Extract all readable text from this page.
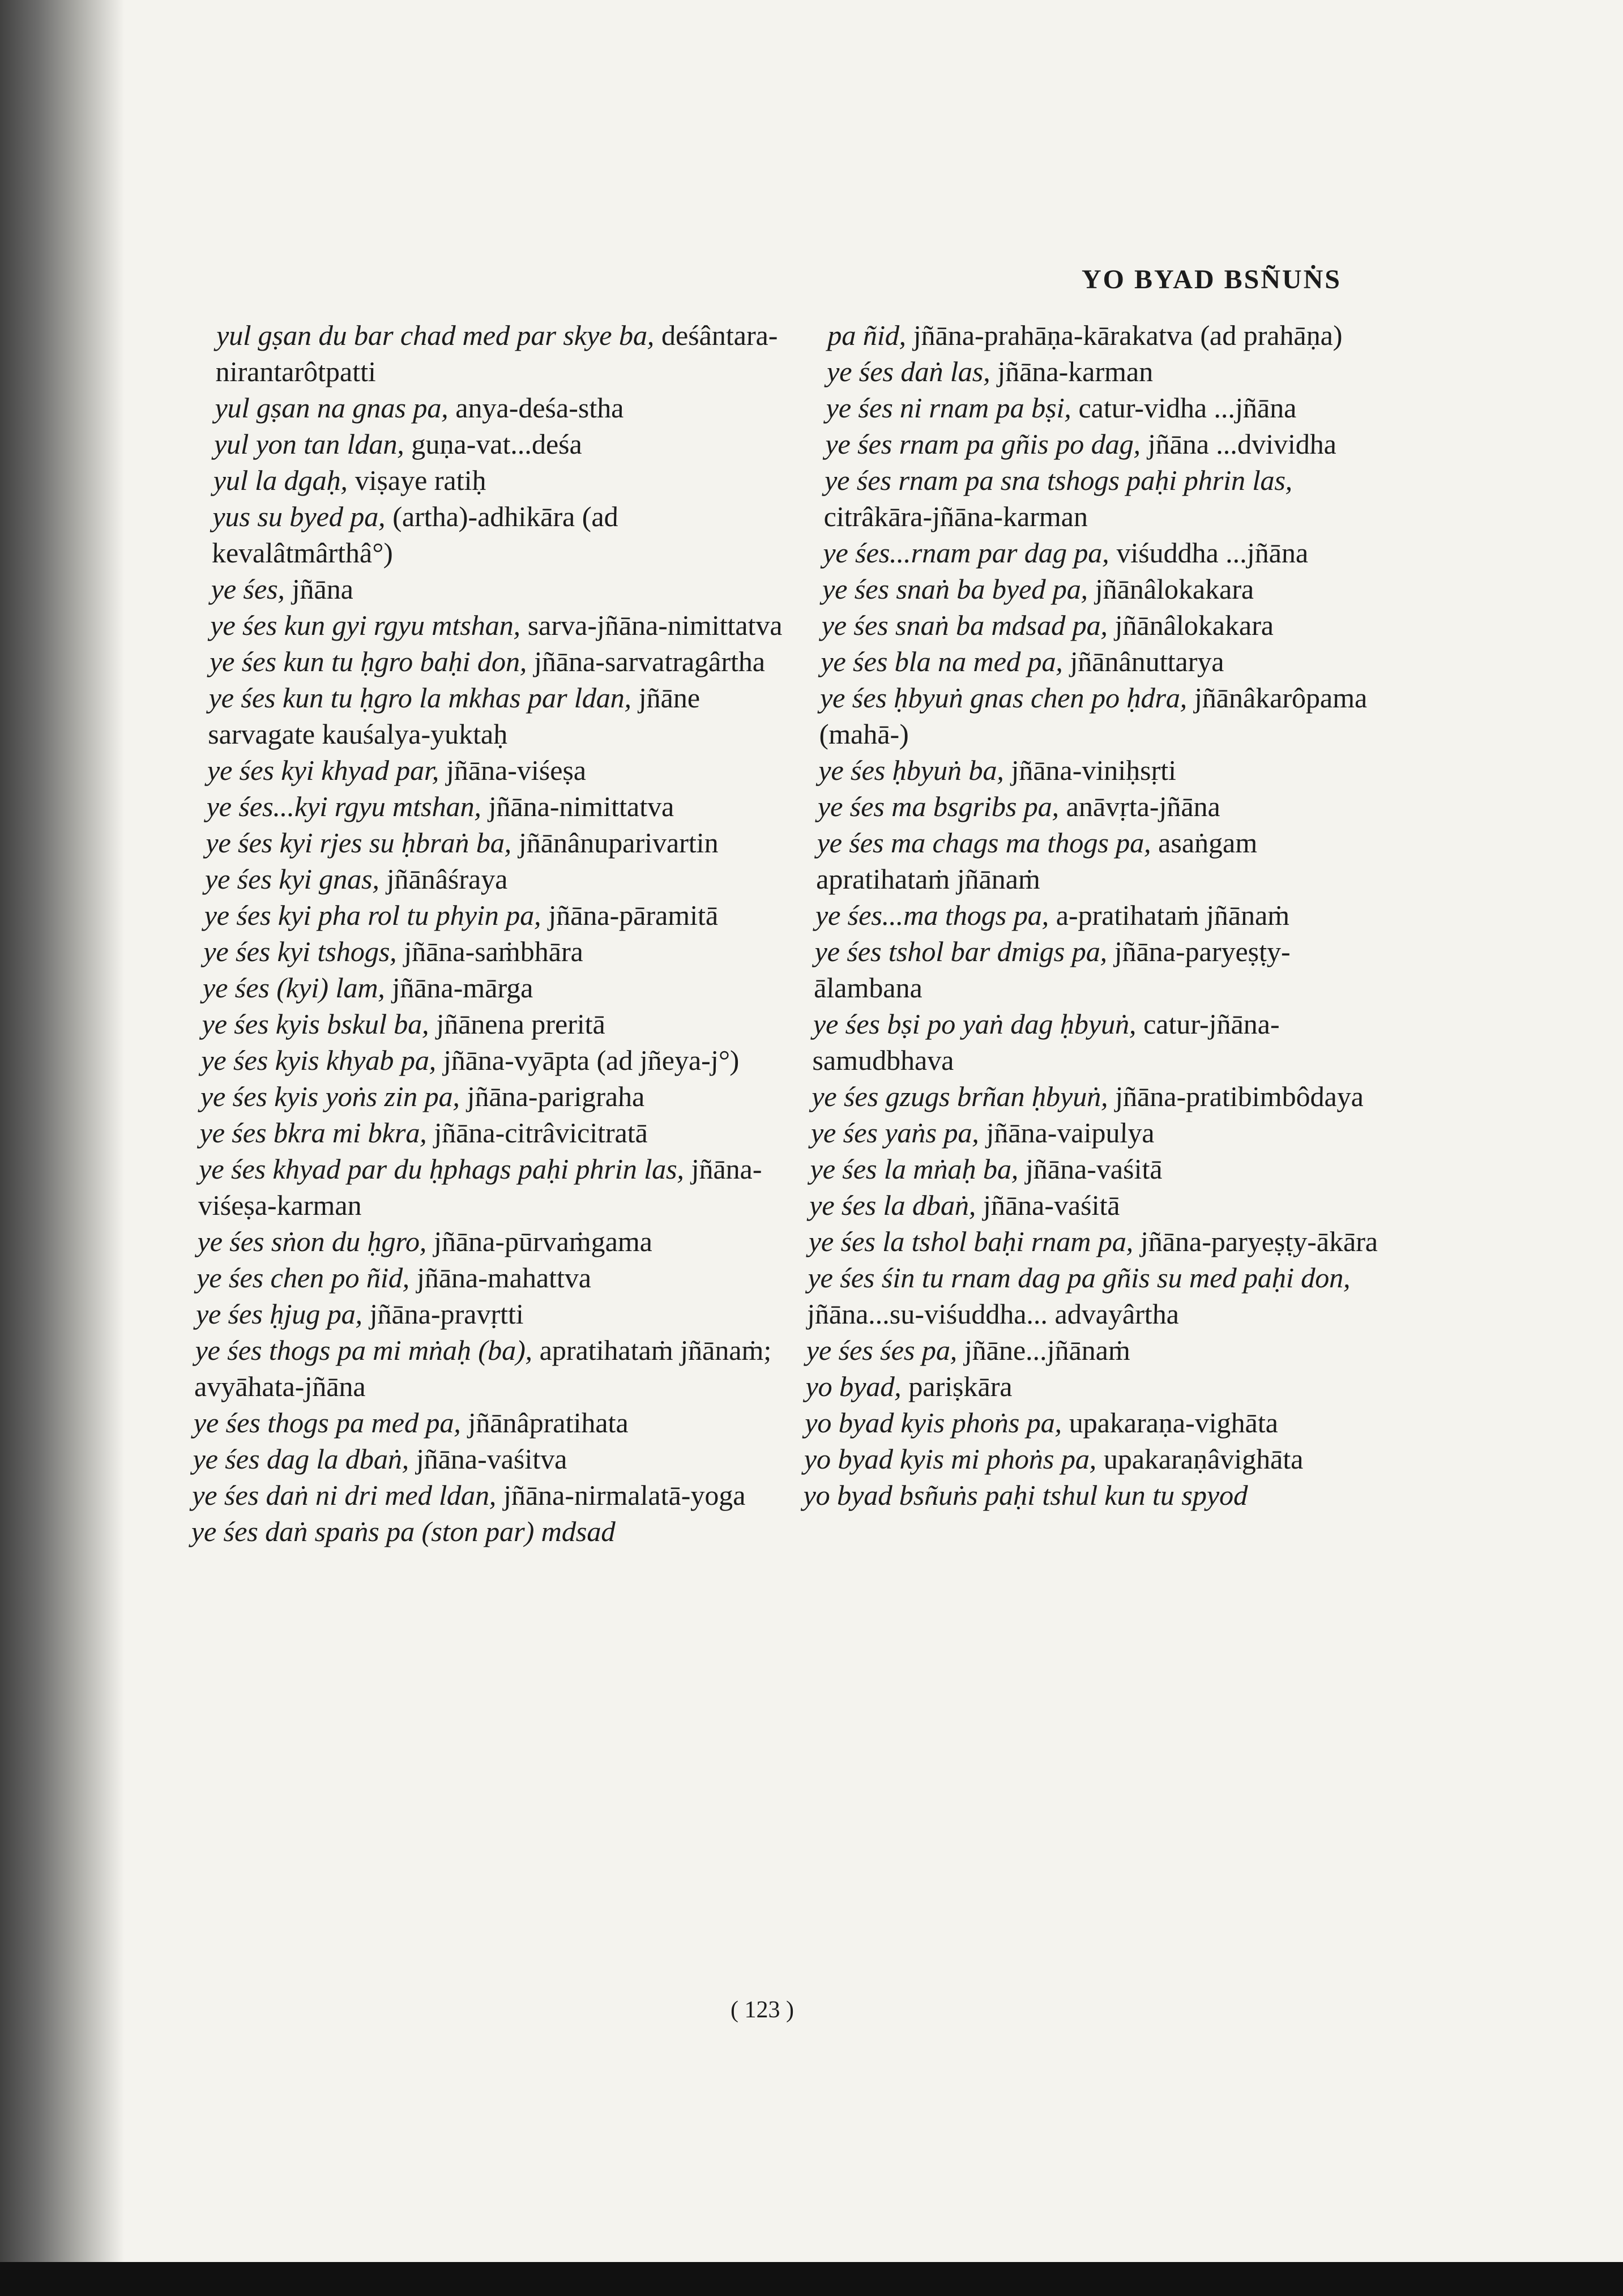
YO BYAD BSÑUṄS

yul gṣan du bar chad med par skye ba, deśântara-nirantarôtpatti

yul gṣan na gnas pa, anya-deśa-stha

yul yon tan ldan, guṇa-vat...deśa

yul la dgaḥ, viṣaye ratiḥ

yus su byed pa, (artha)-adhikāra (ad kevalâtmârthâ°)

ye śes, jñāna

ye śes kun gyi rgyu mtshan, sarva-jñāna-nimittatva

ye śes kun tu ḥgro baḥi don, jñāna-sarvatragârtha

ye śes kun tu ḥgro la mkhas par ldan, jñāne sarvagate kauśalya-yuktaḥ

ye śes kyi khyad par, jñāna-viśeṣa

ye śes...kyi rgyu mtshan, jñāna-nimittatva

ye śes kyi rjes su ḥbraṅ ba, jñānânuparivartin

ye śes kyi gnas, jñānâśraya

ye śes kyi pha rol tu phyin pa, jñāna-pāramitā

ye śes kyi tshogs, jñāna-saṁbhāra

ye śes (kyi) lam, jñāna-mārga

ye śes kyis bskul ba, jñānena preritā

ye śes kyis khyab pa, jñāna-vyāpta (ad jñeya-j°)

ye śes kyis yoṅs zin pa, jñāna-parigraha

ye śes bkra mi bkra, jñāna-citrâvicitratā

ye śes khyad par du ḥphags paḥi phrin las, jñāna-viśeṣa-karman

ye śes sṅon du ḥgro, jñāna-pūrvaṁgama

ye śes chen po ñid, jñāna-mahattva

ye śes ḥjug pa, jñāna-pravṛtti

ye śes thogs pa mi mṅaḥ (ba), apratihataṁ jñānaṁ; avyāhata-jñāna

ye śes thogs pa med pa, jñānâpratihata

ye śes dag la dbaṅ, jñāna-vaśitva

ye śes daṅ ni dri med ldan, jñāna-nirmalatā-yoga

ye śes daṅ spaṅs pa (ston par) mdsad

pa ñid, jñāna-prahāṇa-kārakatva (ad prahāṇa)

ye śes daṅ las, jñāna-karman

ye śes ni rnam pa bṣi, catur-vidha ...jñāna

ye śes rnam pa gñis po dag, jñāna ...dvividha

ye śes rnam pa sna tshogs paḥi phrin las, citrâkāra-jñāna-karman

ye śes...rnam par dag pa, viśuddha ...jñāna

ye śes snaṅ ba byed pa, jñānâlokakara

ye śes snaṅ ba mdsad pa, jñānâlokakara

ye śes bla na med pa, jñānânuttarya

ye śes ḥbyuṅ gnas chen po ḥdra, jñānâkarôpama (mahā-)

ye śes ḥbyuṅ ba, jñāna-viniḥsṛti

ye śes ma bsgribs pa, anāvṛta-jñāna

ye śes ma chags ma thogs pa, asaṅgam apratihataṁ jñānaṁ

ye śes...ma thogs pa, a-pratihataṁ jñānaṁ

ye śes tshol bar dmigs pa, jñāna-paryeṣṭy-ālambana

ye śes bṣi po yaṅ dag ḥbyuṅ, catur-jñāna-samudbhava

ye śes gzugs brñan ḥbyuṅ, jñāna-pratibimbôdaya

ye śes yaṅs pa, jñāna-vaipulya

ye śes la mṅaḥ ba, jñāna-vaśitā

ye śes la dbaṅ, jñāna-vaśitā

ye śes la tshol baḥi rnam pa, jñāna-paryeṣṭy-ākāra

ye śes śin tu rnam dag pa gñis su med paḥi don, jñāna...su-viśuddha... advayârtha

ye śes śes pa, jñāne...jñānaṁ

yo byad, pariṣkāra

yo byad kyis phoṅs pa, upakaraṇa-vighāta

yo byad kyis mi phoṅs pa, upakaraṇâvighāta

yo byad bsñuṅs paḥi tshul kun tu spyod

( 123 )
